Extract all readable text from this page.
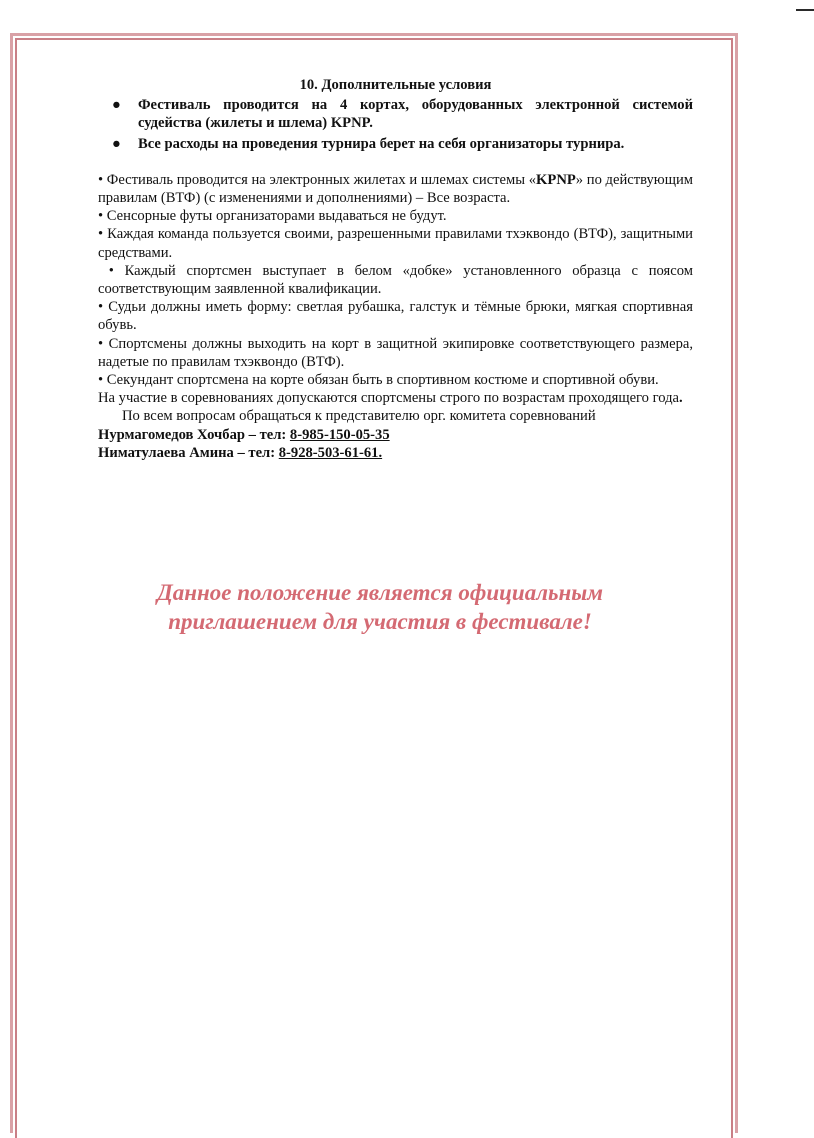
10. Дополнительные условия

● Фестиваль проводится на 4 кортах, оборудованных электронной системой судейства (жилеты и шлема) KPNP.
● Все расходы на проведения турнира берет на себя организаторы турнира.

• Фестиваль проводится на электронных жилетах и шлемах системы «KPNP» по действующим правилам (ВТФ) (с изменениями и дополнениями) – Все возраста.

• Сенсорные футы организаторами выдаваться не будут.

• Каждая команда пользуется своими, разрешенными правилами тхэквондо (ВТФ), защитными средствами.

• Каждый спортсмен выступает в белом «добке» установленного образца с поясом соответствующим заявленной квалификации.

• Судьи должны иметь форму: светлая рубашка, галстук и тёмные брюки, мягкая спортивная обувь.

• Спортсмены должны выходить на корт в защитной экипировке соответствующего размера, надетые по правилам тхэквондо (ВТФ).

• Секундант спортсмена на корте обязан быть в спортивном костюме и спортивной обуви.

На участие в соревнованиях допускаются спортсмены строго по возрастам проходящего года.

По всем вопросам обращаться к представителю орг. комитета соревнований

Нурмагомедов Хочбар – тел: 8-985-150-05-35

Ниматулаева Амина – тел: 8-928-503-61-61.

Данное положение является официальным
приглашением для участия в фестивале!
